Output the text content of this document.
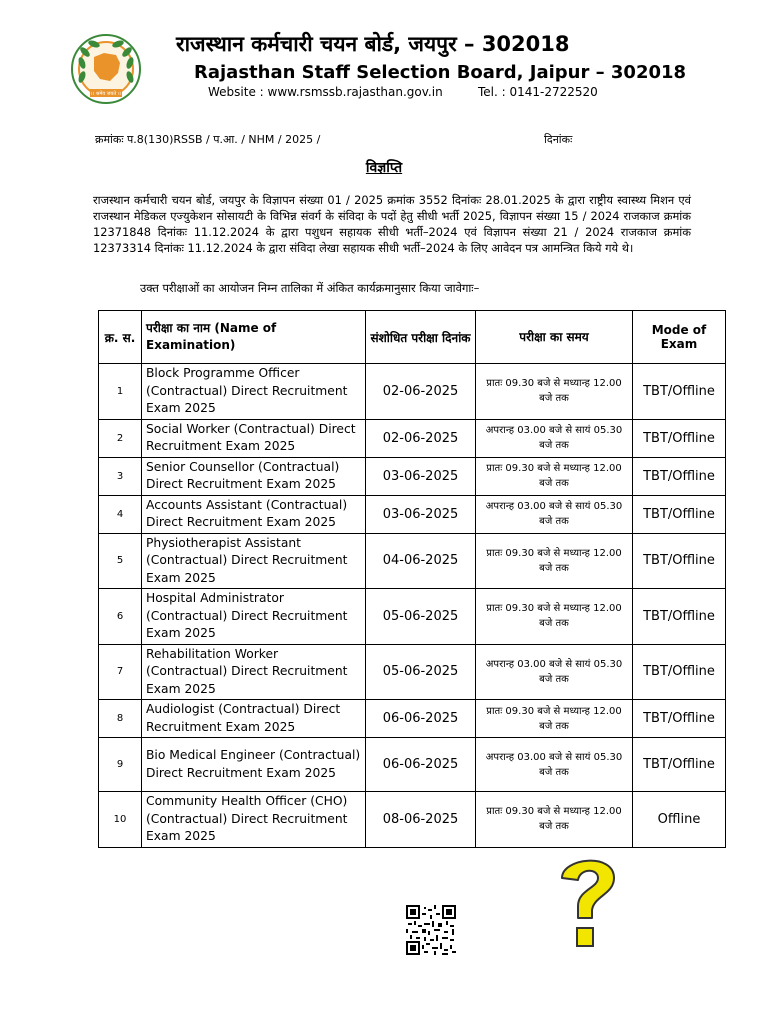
।। श्रमेव जयते ।।
राजस्थान कर्मचारी चयन बोर्ड, जयपुर – 302018
Rajasthan Staff Selection Board, Jaipur – 302018
Website : www.rsmssb.rajasthan.gov.in	Tel. : 0141-2722520
क्रमांकः प.8(130)RSSB / प.आ. / NHM / 2025 /	दिनांकः
विज्ञप्ति

राजस्थान कर्मचारी चयन बोर्ड, जयपुर के विज्ञापन संख्या 01 / 2025 क्रमांक 3552 दिनांकः 28.01.2025 के द्वारा राष्ट्रीय स्वास्थ्य मिशन एवं राजस्थान मेडिकल एज्युकेशन सोसायटी के विभिन्न संवर्ग के संविदा के पदों हेतु सीधी भर्ती 2025, विज्ञापन संख्या 15 / 2024 राजकाज क्रमांक 12371848 दिनांकः 11.12.2024 के द्वारा पशुधन सहायक सीधी भर्ती–2024 एवं विज्ञापन संख्या 21 / 2024 राजकाज क्रमांक 12373314 दिनांकः 11.12.2024 के द्वारा संविदा लेखा सहायक सीधी भर्ती–2024 के लिए आवेदन पत्र आमन्त्रित किये गये थे।

उक्त परीक्षाओं का आयोजन निम्न तालिका में अंकित कार्यक्रमानुसार किया जावेगाः–

क्र. स.	परीक्षा का नाम (Name of Examination)	संशोधित परीक्षा दिनांक	परीक्षा का समय	Mode of Exam
1	Block Programme Officer (Contractual) Direct Recruitment Exam 2025	02-06-2025	प्रातः 09.30 बजे से मध्यान्ह 12.00 बजे तक	TBT/Offline
2	Social Worker (Contractual) Direct Recruitment Exam 2025	02-06-2025	अपरान्ह 03.00 बजे से सायं 05.30 बजे तक	TBT/Offline
3	Senior Counsellor (Contractual) Direct Recruitment Exam 2025	03-06-2025	प्रातः 09.30 बजे से मध्यान्ह 12.00 बजे तक	TBT/Offline
4	Accounts Assistant (Contractual) Direct Recruitment Exam 2025	03-06-2025	अपरान्ह 03.00 बजे से सायं 05.30 बजे तक	TBT/Offline
5	Physiotherapist Assistant (Contractual) Direct Recruitment Exam 2025	04-06-2025	प्रातः 09.30 बजे से मध्यान्ह 12.00 बजे तक	TBT/Offline
6	Hospital Administrator (Contractual) Direct Recruitment Exam 2025	05-06-2025	प्रातः 09.30 बजे से मध्यान्ह 12.00 बजे तक	TBT/Offline
7	Rehabilitation Worker (Contractual) Direct Recruitment Exam 2025	05-06-2025	अपरान्ह 03.00 बजे से सायं 05.30 बजे तक	TBT/Offline
8	Audiologist (Contractual) Direct Recruitment Exam 2025	06-06-2025	प्रातः 09.30 बजे से मध्यान्ह 12.00 बजे तक	TBT/Offline
9	Bio Medical Engineer (Contractual) Direct Recruitment Exam 2025	06-06-2025	अपरान्ह 03.00 बजे से सायं 05.30 बजे तक	TBT/Offline
10	Community Health Officer (CHO) (Contractual) Direct Recruitment Exam 2025	08-06-2025	प्रातः 09.30 बजे से मध्यान्ह 12.00 बजे तक	Offline
